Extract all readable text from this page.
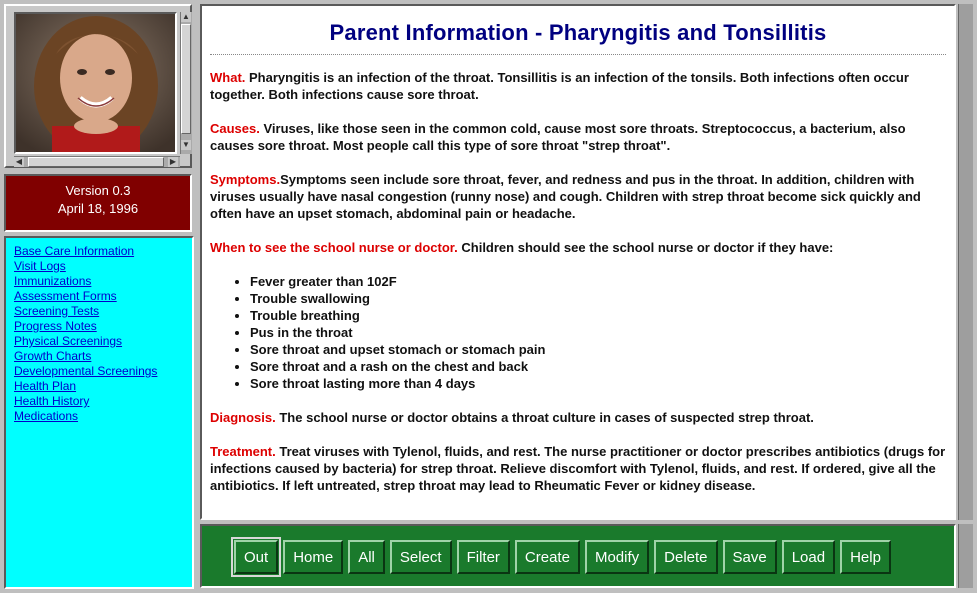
▲
▼
◀	▶
Version 0.3
April 18, 1996
Base Care Information
Visit Logs
Immunizations
Assessment Forms
Screening Tests
Progress Notes
Physical Screenings
Growth Charts
Developmental Screenings
Health Plan
Health History
Medications
Parent Information - Pharyngitis and Tonsillitis

What. Pharyngitis is an infection of the throat. Tonsillitis is an infection of the tonsils. Both infections often occur together. Both infections cause sore throat.

Causes. Viruses, like those seen in the common cold, cause most sore throats. Streptococcus, a bacterium, also causes sore throat. Most people call this type of sore throat "strep throat".

Symptoms.Symptoms seen include sore throat, fever, and redness and pus in the throat. In addition, children with viruses usually have nasal congestion (runny nose) and cough. Children with strep throat become sick quickly and often have an upset stomach, abdominal pain or headache.

When to see the school nurse or doctor. Children should see the school nurse or doctor if they have:

• Fever greater than 102F
• Trouble swallowing
• Trouble breathing
• Pus in the throat
• Sore throat and upset stomach or stomach pain
• Sore throat and a rash on the chest and back
• Sore throat lasting more than 4 days

Diagnosis. The school nurse or doctor obtains a throat culture in cases of suspected strep throat.

Treatment. Treat viruses with Tylenol, fluids, and rest. The nurse practitioner or doctor prescribes antibiotics (drugs for infections caused by bacteria) for strep throat. Relieve discomfort with Tylenol, fluids, and rest. If ordered, give all the antibiotics. If left untreated, strep throat may lead to Rheumatic Fever or kidney disease.

Out	Home	All	Select	Filter	Create	Modify	Delete	Save	Load	Help
